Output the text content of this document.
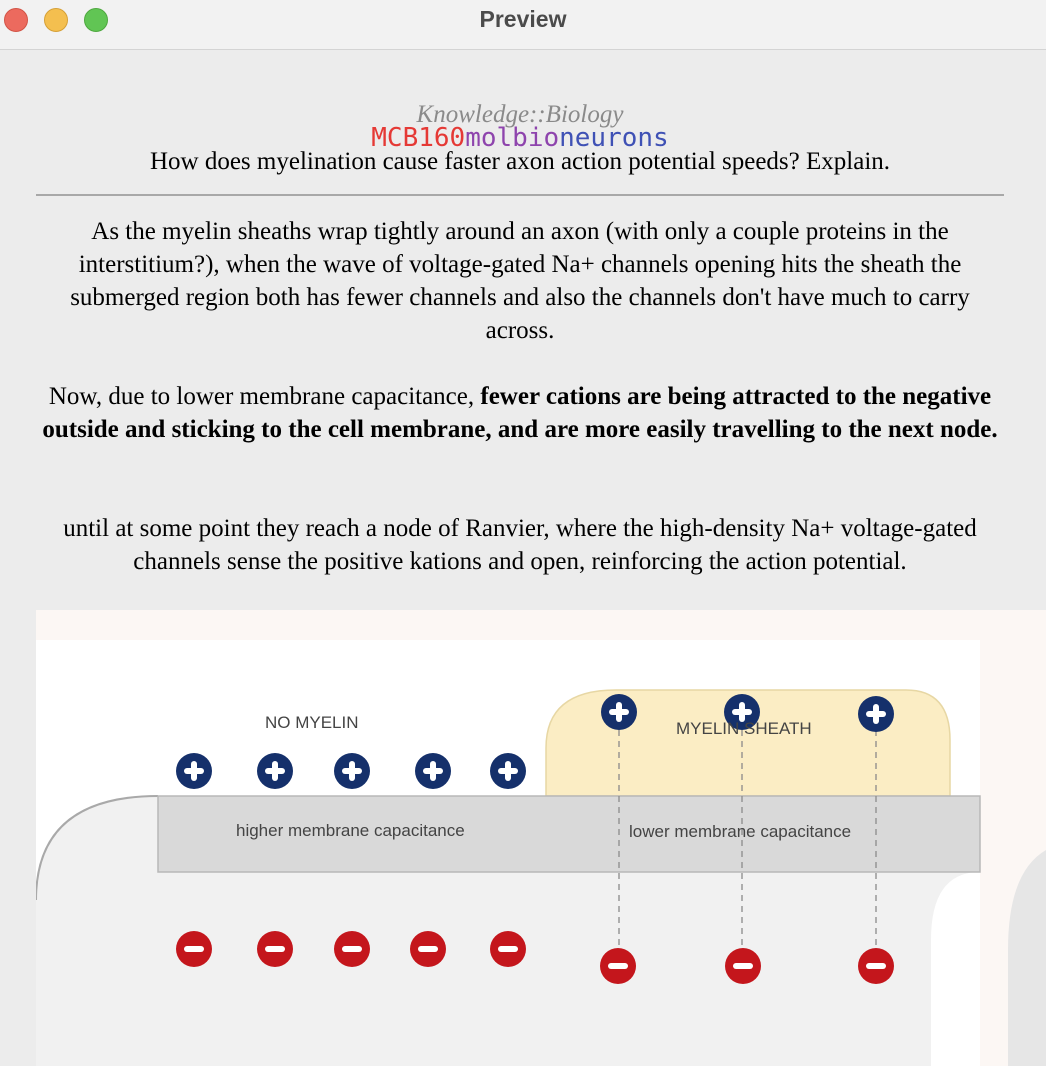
Preview
Knowledge::Biology
MCB160molbioneurons
How does myelination cause faster axon action potential speeds? Explain.
As the myelin sheaths wrap tightly around an axon (with only a couple proteins in the interstitium?), when the wave of voltage-gated Na+ channels opening hits the sheath the submerged region both has fewer channels and also the channels don't have much to carry across.
Now, due to lower membrane capacitance, fewer cations are being attracted to the negative outside and sticking to the cell membrane, and are more easily travelling to the next node.
until at some point they reach a node of Ranvier, where the high-density Na+ voltage-gated channels sense the positive kations and open, reinforcing the action potential.
NO MYELIN	MYELIN SHEATH
higher membrane capacitance	lower membrane capacitance
